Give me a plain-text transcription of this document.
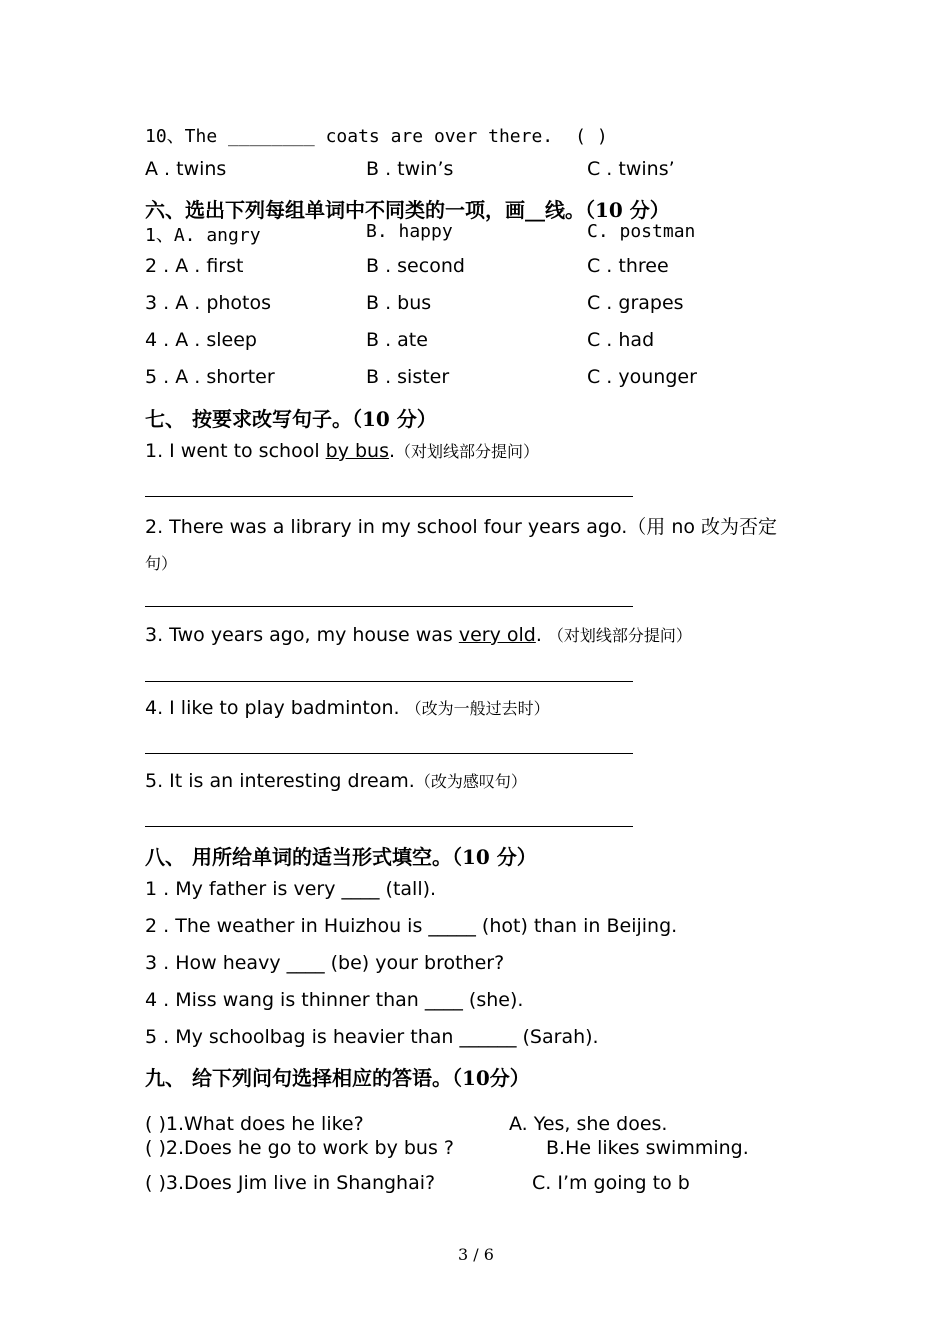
10、The ________ coats are over there. ( )
A . twins	B . twin’s	C . twins’
六、选出下列每组单词中不同类的一项，画__线。（10 分）
1、A. angry	B. happy	C. postman
2 . A . first	B . second	C . three
3 . A . photos	B . bus	C . grapes
4 . A . sleep	B . ate	C . had
5 . A . shorter	B . sister	C . younger
七、 按要求改写句子。（10 分）
1. I went to school by bus.（对划线部分提问）
2. There was a library in my school four years ago.（用 no 改为否定
句）
3. Two years ago, my house was very old. （对划线部分提问）
4. I like to play badminton. （改为一般过去时）
5. It is an interesting dream.（改为感叹句）
八、 用所给单词的适当形式填空。（10 分）
1 . My father is very ____ (tall).
2 . The weather in Huizhou is _____ (hot) than in Beijing.
3 . How heavy ____ (be) your brother?
4 . Miss wang is thinner than ____ (she).
5 . My schoolbag is heavier than ______ (Sarah).
九、 给下列问句选择相应的答语。（10分）
( )1.What does he like?	A. Yes, she does.
( )2.Does he go to work by bus ?	B.He likes swimming.
( )3.Does Jim live in Shanghai?	C. I’m going to b
3 / 6
